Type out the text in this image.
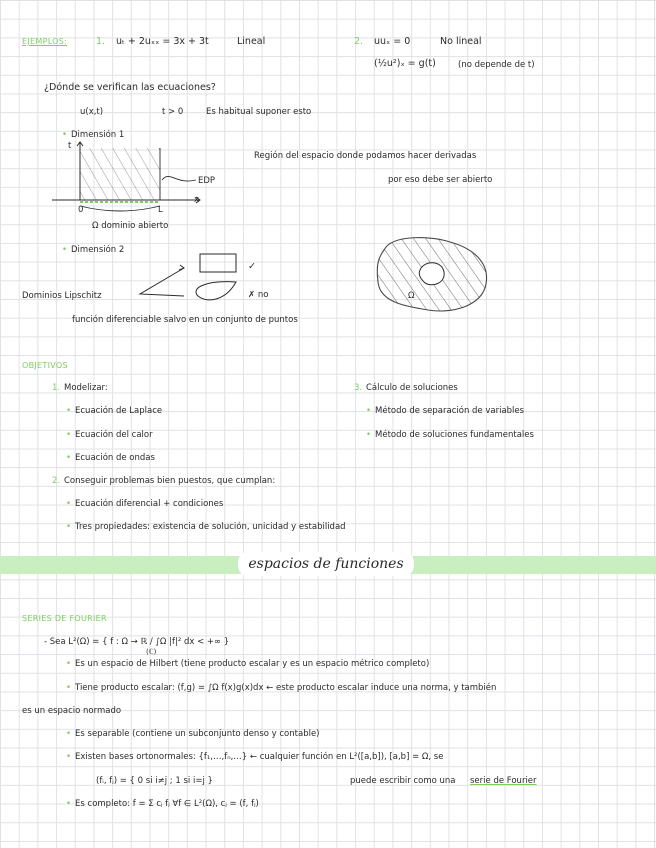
EJEMPLOS:	1. uₜ + 2uₓₓ = 3x + 3t	Lineal	2. uuₓ = 0	No lineal
(½u²)ₓ = g(t)	(no depende de t)
¿Dónde se verifican las ecuaciones?
u(x,t)	t > 0	Es habitual suponer esto
• Dimensión 1
t
x
0	L
EDP
Ω dominio abierto
Región del espacio donde podamos hacer derivadas
por eso debe ser abierto
• Dimensión 2
✓
✗ no
Dominios Lipschitz
función diferenciable salvo en un conjunto de puntos
Ω
OBJETIVOS
1. Modelizar:
• Ecuación de Laplace
• Ecuación del calor
• Ecuación de ondas
3. Cálculo de soluciones
• Método de separación de variables
• Método de soluciones fundamentales
2. Conseguir problemas bien puestos, que cumplan:
• Ecuación diferencial + condiciones
• Tres propiedades: existencia de solución, unicidad y estabilidad
espacios de funciones
SERIES DE FOURIER
- Sea L²(Ω) = { f : Ω → ℝ / ∫Ω |f|² dx < +∞ }
(ℂ)
• Es un espacio de Hilbert (tiene producto escalar y es un espacio métrico completo)
• Tiene producto escalar: (f,g) = ∫Ω f(x)g(x)dx ← este producto escalar induce una norma, y también
es un espacio normado
• Es separable (contiene un subconjunto denso y contable)
• Existen bases ortonormales: {f₁,…,fₙ,…} ← cualquier función en L²([a,b]), [a,b] = Ω, se
(fᵢ, fⱼ) = { 0 si i≠j ; 1 si i=j }	puede escribir como una serie de Fourier
• Es completo: f = Σ cⱼ fⱼ ∀f ∈ L²(Ω), cⱼ = (f, fⱼ)
